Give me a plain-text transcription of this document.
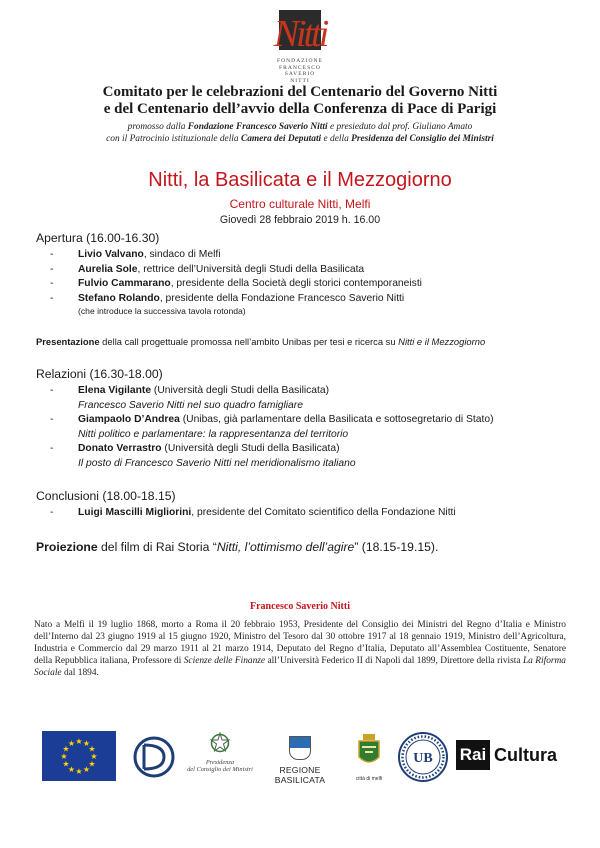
Nitti
FONDAZIONE
FRANCESCO
SAVERIO
NITTI
Comitato per le celebrazioni del Centenario del Governo Nitti
e del Centenario dell’avvio della Conferenza di Pace di Parigi
promosso dalla Fondazione Francesco Saverio Nitti e presieduto dal prof. Giuliano Amato
con il Patrocinio istituzionale della Camera dei Deputati e della Presidenza del Consiglio dei Ministri
Nitti, la Basilicata e il Mezzogiorno
Centro culturale Nitti, Melfi
Giovedì 28 febbraio 2019 h. 16.00
Apertura (16.00-16.30)
- Livio Valvano, sindaco di Melfi
- Aurelia Sole, rettrice dell’Università degli Studi della Basilicata
- Fulvio Cammarano, presidente della Società degli storici contemporaneisti
- Stefano Rolando, presidente della Fondazione Francesco Saverio Nitti
(che introduce la successiva tavola rotonda)
Presentazione della call progettuale promossa nell’ambito Unibas per tesi e ricerca su Nitti e il Mezzogiorno
Relazioni (16.30-18.00)
- Elena Vigilante (Università degli Studi della Basilicata)
Francesco Saverio Nitti nel suo quadro famigliare
- Giampaolo D’Andrea (Unibas, già parlamentare della Basilicata e sottosegretario di Stato)
Nitti politico e parlamentare: la rappresentanza del territorio
- Donato Verrastro (Università degli Studi della Basilicata)
Il posto di Francesco Saverio Nitti nel meridionalismo italiano
Conclusioni (18.00-18.15)
- Luigi Mascilli Migliorini, presidente del Comitato scientifico della Fondazione Nitti
Proiezione del film di Rai Storia “Nitti, l’ottimismo dell’agire” (18.15-19.15).
Francesco Saverio Nitti
Nato a Melfi il 19 luglio 1868, morto a Roma il 20 febbraio 1953, Presidente del Consiglio dei Ministri del Regno d’Italia e Ministro dell’Interno dal 23 giugno 1919 al 15 giugno 1920, Ministro del Tesoro dal 30 ottobre 1917 al 18 gennaio 1919, Ministro dell’Agricoltura, Industria e Commercio dal 29 marzo 1911 al 21 marzo 1914, Deputato del Regno d’Italia, Deputato all’Assemblea Costituente, Senatore della Repubblica italiana, Professore di Scienze delle Finanze all’Università Federico II di Napoli dal 1899, Direttore della rivista La Riforma Sociale dal 1894.
★
★
★
★
★
★
★
★
★ ★ ★
★
Presidenza
del Consiglio dei Ministri	REGIONE BASILICATA	città di melfi
UB Rai Cultura
